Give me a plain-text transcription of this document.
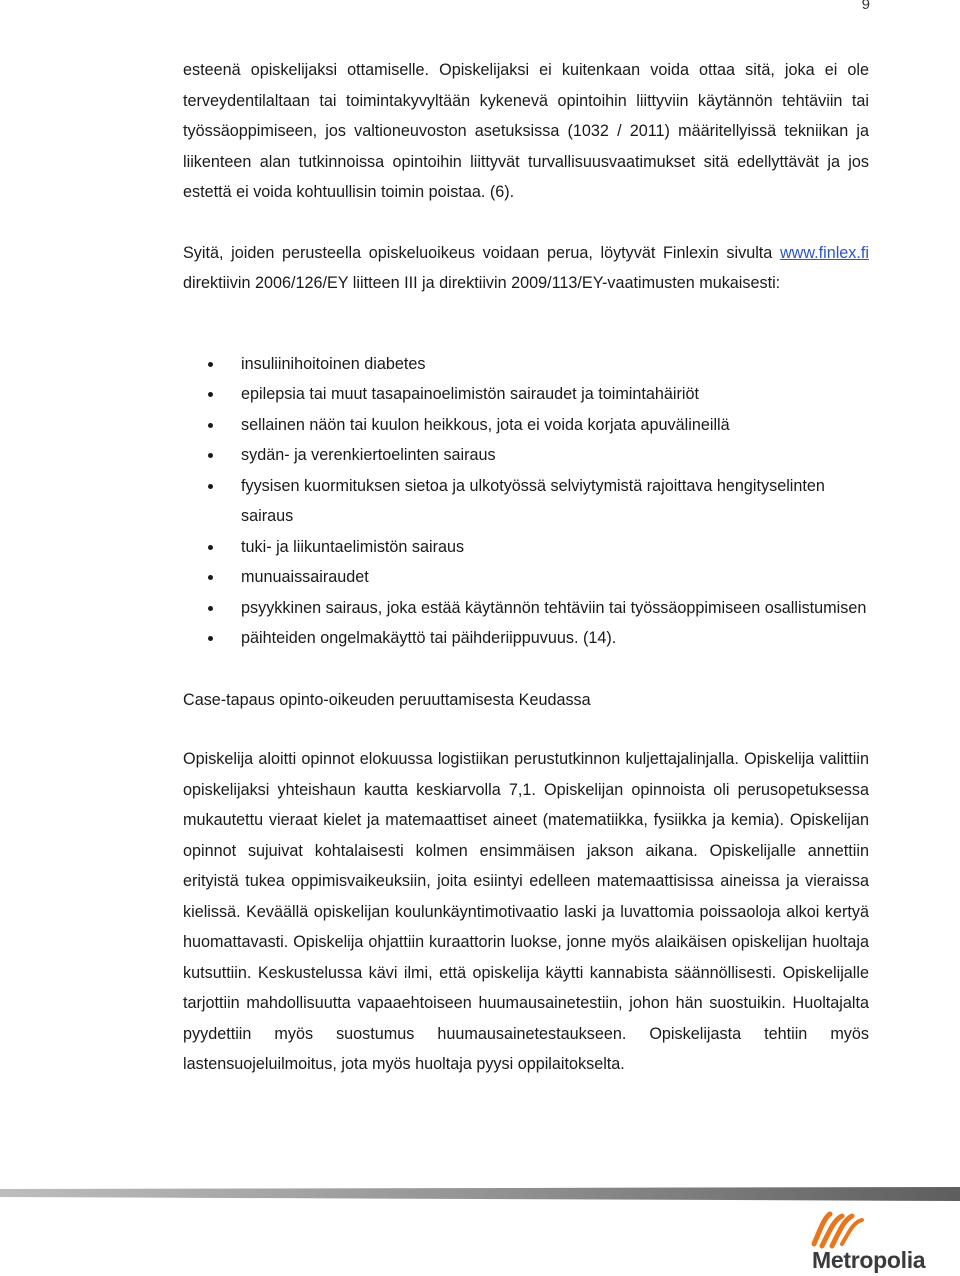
9

esteenä opiskelijaksi ottamiselle. Opiskelijaksi ei kuitenkaan voida ottaa sitä, joka ei ole terveydentilaltaan tai toimintakyvyltään kykenevä opintoihin liittyviin käytännön tehtäviin tai työssäoppimiseen, jos valtioneuvoston asetuksissa (1032 / 2011) määritellyissä tekniikan ja liikenteen alan tutkinnoissa opintoihin liittyvät turvallisuusvaatimukset sitä edellyttävät ja jos estettä ei voida kohtuullisin toimin poistaa. (6).

Syitä, joiden perusteella opiskeluoikeus voidaan perua, löytyvät Finlexin sivulta www.finlex.fi direktiivin 2006/126/EY liitteen III ja direktiivin 2009/113/EY-vaatimusten mukaisesti:

insuliinihoitoinen diabetes
epilepsia tai muut tasapainoelimistön sairaudet ja toimintahäiriöt
sellainen näön tai kuulon heikkous, jota ei voida korjata apuvälineillä
sydän- ja verenkiertoelinten sairaus
fyysisen kuormituksen sietoa ja ulkotyössä selviytymistä rajoittava hengityselinten sairaus
tuki- ja liikuntaelimistön sairaus
munuaissairaudet
psyykkinen sairaus, joka estää käytännön tehtäviin tai työssäoppimiseen osallistumisen
päihteiden ongelmakäyttö tai päihderiippuvuus. (14).

Case-tapaus opinto-oikeuden peruuttamisesta Keudassa

Opiskelija aloitti opinnot elokuussa logistiikan perustutkinnon kuljettajalinjalla. Opiskelija valittiin opiskelijaksi yhteishaun kautta keskiarvolla 7,1. Opiskelijan opinnoista oli perusopetuksessa mukautettu vieraat kielet ja matemaattiset aineet (matematiikka, fysiikka ja kemia). Opiskelijan opinnot sujuivat kohtalaisesti kolmen ensimmäisen jakson aikana. Opiskelijalle annettiin erityistä tukea oppimisvaikeuksiin, joita esiintyi edelleen matemaattisissa aineissa ja vieraissa kielissä. Keväällä opiskelijan koulunkäyntimotivaatio laski ja luvattomia poissaoloja alkoi kertyä huomattavasti. Opiskelija ohjattiin kuraattorin luokse, jonne myös alaikäisen opiskelijan huoltaja kutsuttiin. Keskustelussa kävi ilmi, että opiskelija käytti kannabista säännöllisesti. Opiskelijalle tarjottiin mahdollisuutta vapaaehtoiseen huumausainetestiin, johon hän suostuikin. Huoltajalta pyydettiin myös suostumus huumausainetestaukseen. Opiskelijasta tehtiin myös lastensuojeluilmoitus, jota myös huoltaja pyysi oppilaitokselta.

Metropolia
